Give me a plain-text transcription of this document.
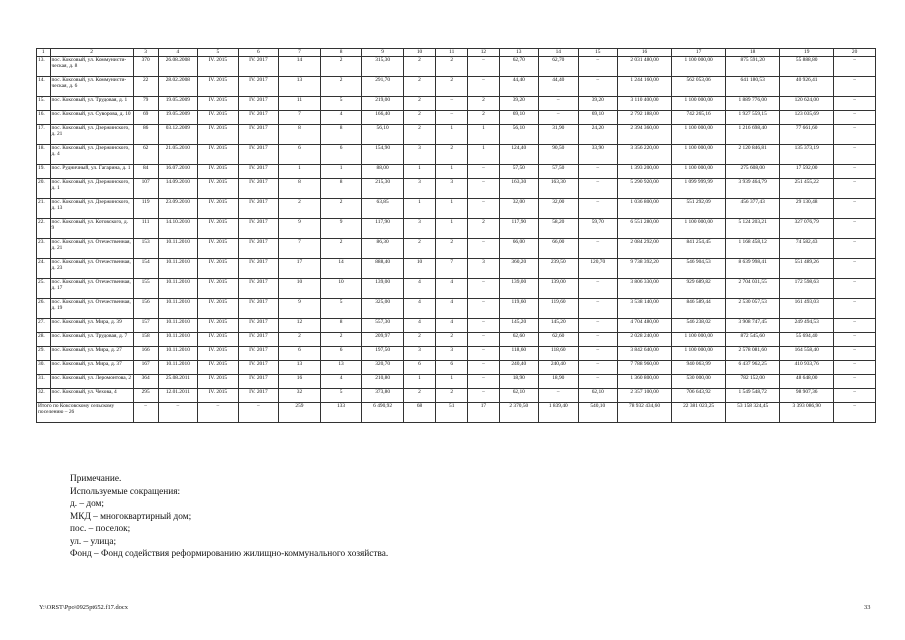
1	2	3	4	5	6	7	8	9	10	11	12	13	14	15	16	17	18	19	20
13.	пос. Коксовый, ул. Коммунисти-ческая, д. 8	370	26.08.2008	IV. 2015	IV. 2017	14	2	315,30	2	2	–	62,70	62,70	–	2 031 480,00	1 100 000,00	875 591,20	55 888,80	–
14.	пос. Коксовый, ул. Коммунисти-ческая, д. 6	22	28.02.2008	IV. 2015	IV. 2017	13	2	291,70	2	2	–	44,40	44,40	–	1 244 160,00	562 053,06	641 180,53	40 926,41	–
15.	пос. Коксовый, ул. Трудовая, д. 1	79	19.05.2009	IV. 2015	IV. 2017	11	5	219,00	2	–	2	39,20	–	39,20	3 110 400,00	1 100 000,00	1 889 776,00	120 624,00	–
16.	пос. Коксовый, ул. Суворова, д. 10	69	19.05.2009	IV. 2015	IV. 2017	7	4	166,40	2	–	2	69,10	–	69,10	2 792 188,00	742 265,16	1 927 559,15	123 035,69	–
17.	пос. Коксовый, ул. Дзержинского, д. 21	86	03.12.2009	IV. 2015	IV. 2017	8	8	56,10	2	1	1	56,10	31,90	24,20	2 394 360,00	1 100 000,00	1 216 698,40	77 661,60	–
18.	пос. Коксовый, ул. Дзержинского, д. 4	62	21.05.2010	IV. 2015	IV. 2017	6	6	154,90	3	2	1	124,40	90,50	33,90	3 356 220,00	1 100 000,00	2 120 846,81	135 373,19	–
19.	пос. Рудничный, ул. Гагарина, д. 1	84	16.07.2010	IV. 2015	IV. 2017	1	1	88,00	1	1	–	57,50	57,50	–	1 393 200,00	1 100 000,00	275 608,00	17 592,00	–
20.	пос. Коксовый, ул. Дзержинского, д. 1	107	14.09.2010	IV. 2015	IV. 2017	8	8	215,30	3	3	–	163,30	163,30	–	5 290 920,00	1 099 999,99	3 939 464,79	251 455,22	–
21.	пос. Коксовый, ул. Дзержинского, д. 13	119	23.09.2010	IV. 2015	IV. 2017	2	2	63,85	1	1	–	32,00	32,00	–	1 036 800,00	551 292,09	456 377,43	29 130,48	–
22.	пос. Коксовый, ул. Котовского, д. 9	111	14.10.2010	IV. 2015	IV. 2017	9	9	117,90	3	1	2	117,90	58,20	59,70	6 551 280,00	1 100 000,00	5 124 203,21	327 076,79	–
23.	пос. Коксовый, ул. Отечественная, д. 21	153	10.11.2010	IV. 2015	IV. 2017	7	2	86,30	2	2	–	66,00	66,00	–	2 084 292,00	841 254,45	1 168 458,12	74 582,43	–
24.	пос. Коксовый, ул. Отечественная, д. 23	154	10.11.2010	IV. 2015	IV. 2017	17	14	888,40	10	7	3	360,20	239,50	120,70	9 738 392,20	546 904,53	8 639 998,41	551 489,26	–
25.	пос. Коксовый, ул. Отечественная, д. 17	155	10.11.2010	IV. 2015	IV. 2017	10	10	139,00	4	4	–	139,00	139,00	–	3 806 330,00	929 689,82	2 704 031,55	172 598,63	–
26.	пос. Коксовый, ул. Отечественная, д. 19	156	10.11.2010	IV. 2015	IV. 2017	9	5	325,00	4	4	–	119,60	119,60	–	3 538 140,00	846 589,44	2 530 057,53	161 493,03	–
27.	пос. Коксовый, ул. Мира, д. 39	157	10.11.2010	IV. 2015	IV. 2017	12	8	557,30	4	4	–	145,20	145,20	–	4 704 480,00	546 238,02	3 908 747,45	249 494,53	–
28.	пос. Коксовый, ул. Трудовая, д. 7	158	10.11.2010	IV. 2015	IV. 2017	2	2	209,97	2	2	–	62,60	62,60	–	2 028 240,00	1 100 000,00	872 545,60	55 694,40	–
29.	пос. Коксовый, ул. Мира, д. 27	166	10.11.2010	IV. 2015	IV. 2017	6	6	197,50	3	3	–	118,60	118,60	–	3 842 640,00	1 100 000,00	2 578 081,60	164 558,40	–
30.	пос. Коксовый, ул. Мира, д. 37	167	10.11.2010	IV. 2015	IV. 2017	13	13	320,70	6	6	–	240,40	240,40	–	7 788 960,00	940 063,99	6 437 962,25	410 933,76	–
31.	пос. Коксовый, ул. Леромонтова, 2	364	25.08.2011	IV. 2015	IV. 2017	16	4	210,80	1	1	–	18,90	18,90	–	1 360 800,00	530 000,00	782 152,00	48 648,00	–
32.	пос. Коксовый, ул. Чехова, 4	295	12.01.2011	IV. 2015	IV. 2017	32	5	373,80	2	2	–	62,10	–	62,10	2 357 100,00	706 643,92	1 549 548,72	98 907,36	–
Итого по Коксовскому сельскому поселению – 26		–	–	–	–	259	133	6 490,92	68	51	17	2 370,50	1 839,40	540,10	78 932 434,60	22 381 023,25	53 158 324,45	3 393 086,90	–
Примечание.
Используемые сокращения:
д. – дом;
МКД – многоквартирный дом;
пос. – поселок;
ул. – улица;
Фонд – Фонд содействия реформированию жилищно-коммунального хозяйства.
Y:\ORST\Ppo\0925pt652.f17.docx	33
